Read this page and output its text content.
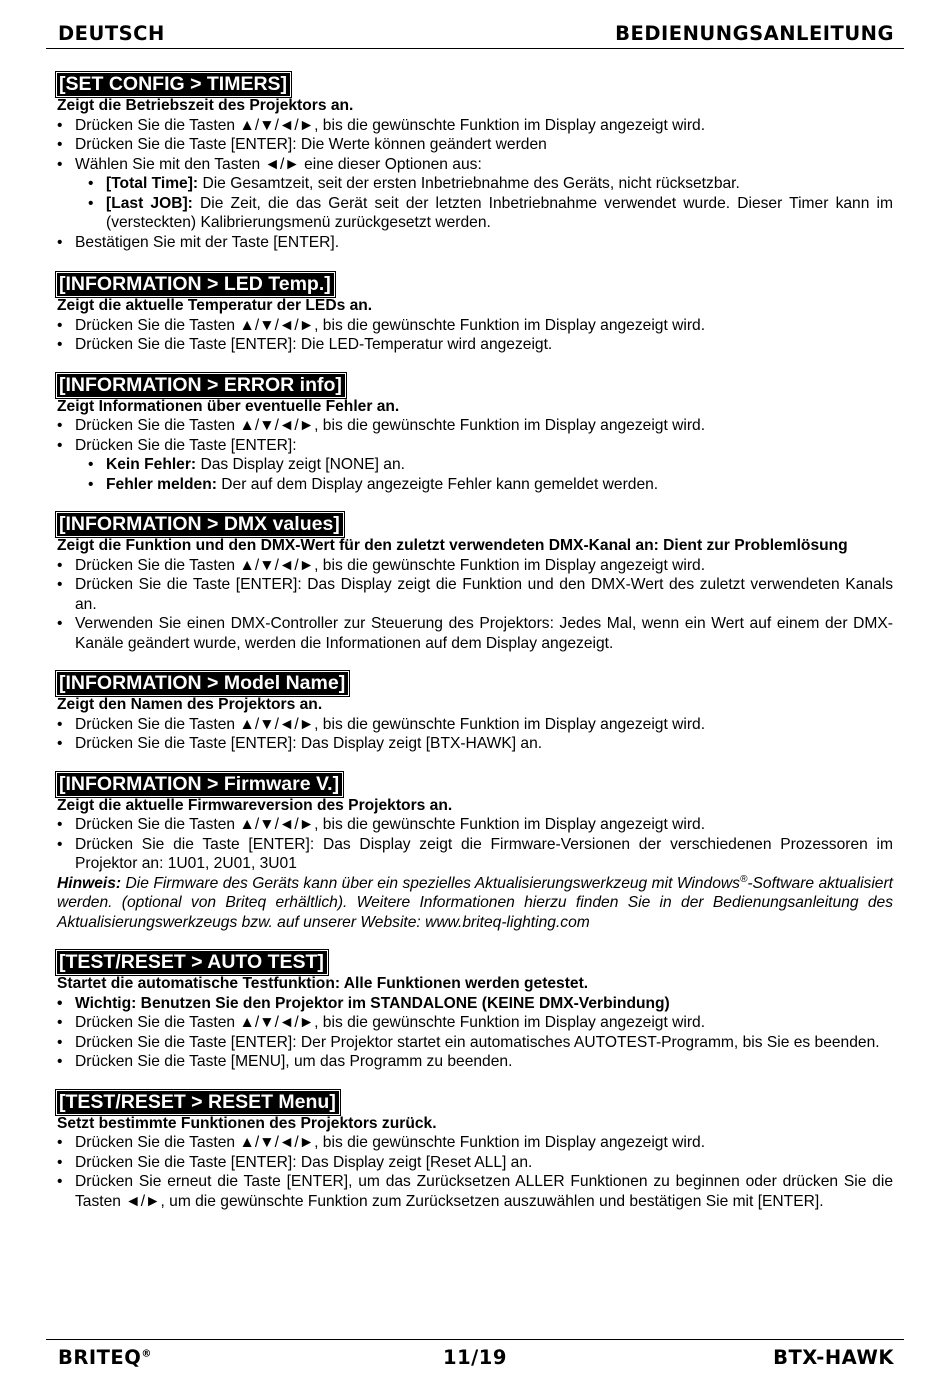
DEUTSCH	BEDIENUNGSANLEITUNG
[SET CONFIG > TIMERS]

Zeigt die Betriebszeit des Projektors an.

• Drücken Sie die Tasten ▲/▼/◄/►, bis die gewünschte Funktion im Display angezeigt wird.
• Drücken Sie die Taste [ENTER]: Die Werte können geändert werden
• Wählen Sie mit den Tasten ◄/► eine dieser Optionen aus:
• [Total Time]: Die Gesamtzeit, seit der ersten Inbetriebnahme des Geräts, nicht rücksetzbar.
• [Last JOB]: Die Zeit, die das Gerät seit der letzten Inbetriebnahme verwendet wurde. Dieser Timer kann im (versteckten) Kalibrierungsmenü zurückgesetzt werden.
• Bestätigen Sie mit der Taste [ENTER].
[INFORMATION > LED Temp.]

Zeigt die aktuelle Temperatur der LEDs an.

• Drücken Sie die Tasten ▲/▼/◄/►, bis die gewünschte Funktion im Display angezeigt wird.
• Drücken Sie die Taste [ENTER]: Die LED-Temperatur wird angezeigt.
[INFORMATION > ERROR info]

Zeigt Informationen über eventuelle Fehler an.

• Drücken Sie die Tasten ▲/▼/◄/►, bis die gewünschte Funktion im Display angezeigt wird.
• Drücken Sie die Taste [ENTER]:
• Kein Fehler: Das Display zeigt [NONE] an.
• Fehler melden: Der auf dem Display angezeigte Fehler kann gemeldet werden.
[INFORMATION > DMX values]

Zeigt die Funktion und den DMX-Wert für den zuletzt verwendeten DMX-Kanal an: Dient zur Problemlösung

• Drücken Sie die Tasten ▲/▼/◄/►, bis die gewünschte Funktion im Display angezeigt wird.
• Drücken Sie die Taste [ENTER]: Das Display zeigt die Funktion und den DMX-Wert des zuletzt verwendeten Kanals an.
• Verwenden Sie einen DMX-Controller zur Steuerung des Projektors: Jedes Mal, wenn ein Wert auf einem der DMX-Kanäle geändert wurde, werden die Informationen auf dem Display angezeigt.
[INFORMATION > Model Name]

Zeigt den Namen des Projektors an.

• Drücken Sie die Tasten ▲/▼/◄/►, bis die gewünschte Funktion im Display angezeigt wird.
• Drücken Sie die Taste [ENTER]: Das Display zeigt [BTX-HAWK] an.
[INFORMATION > Firmware V.]

Zeigt die aktuelle Firmwareversion des Projektors an.

• Drücken Sie die Tasten ▲/▼/◄/►, bis die gewünschte Funktion im Display angezeigt wird.
• Drücken Sie die Taste [ENTER]: Das Display zeigt die Firmware-Versionen der verschiedenen Prozessoren im Projektor an: 1U01, 2U01, 3U01

Hinweis: Die Firmware des Geräts kann über ein spezielles Aktualisierungswerkzeug mit Windows®-Software aktualisiert werden. (optional von Briteq erhältlich). Weitere Informationen hierzu finden Sie in der Bedienungsanleitung des Aktualisierungswerkzeugs bzw. auf unserer Website: www.briteq-lighting.com

[TEST/RESET > AUTO TEST]

Startet die automatische Testfunktion: Alle Funktionen werden getestet.

• Wichtig: Benutzen Sie den Projektor im STANDALONE (KEINE DMX-Verbindung)
• Drücken Sie die Tasten ▲/▼/◄/►, bis die gewünschte Funktion im Display angezeigt wird.
• Drücken Sie die Taste [ENTER]: Der Projektor startet ein automatisches AUTOTEST-Programm, bis Sie es beenden.
• Drücken Sie die Taste [MENU], um das Programm zu beenden.
[TEST/RESET > RESET Menu]

Setzt bestimmte Funktionen des Projektors zurück.

• Drücken Sie die Tasten ▲/▼/◄/►, bis die gewünschte Funktion im Display angezeigt wird.
• Drücken Sie die Taste [ENTER]: Das Display zeigt [Reset ALL] an.
• Drücken Sie erneut die Taste [ENTER], um das Zurücksetzen ALLER Funktionen zu beginnen oder drücken Sie die Tasten ◄/►, um die gewünschte Funktion zum Zurücksetzen auszuwählen und bestätigen Sie mit [ENTER].
BRITEQ®	11/19	BTX-HAWK
